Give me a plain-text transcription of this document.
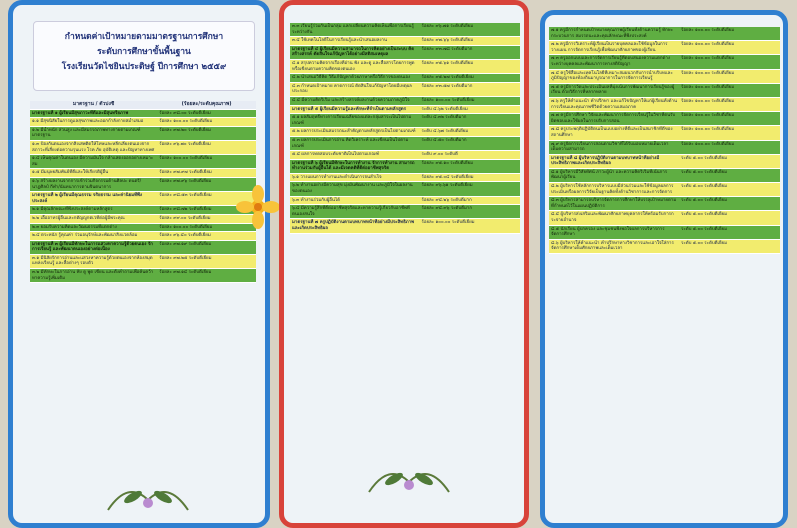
กำหนดค่าเป้าหมายตามมาตรฐานการศึกษา
ระดับการศึกษาขั้นพื้นฐาน
โรงเรียนวัดไชยินประดิษฐ์ ปีการศึกษา ๒๕๕๙
มาตรฐาน / ตัวบ่งชี้	(ร้อยละ/ระดับคุณภาพ)
มาตรฐานที่ ๑ ผู้เรียนมีสุขภาวะที่ดีและมีสุนทรียภาพ	ร้อยละ ๙๘.๐๐ ระดับดีเยี่ยม
๑.๑ มีสุขนิสัยในการดูแลสุขภาพและออกกำลังกายสม่ำเสมอ	ร้อยละ ๑๐๐.๐๐ ระดับดีเยี่ยม
๑.๒ มีน้ำหนัก ส่วนสูง และมีสมรรถภาพทางกายตามเกณฑ์มาตรฐาน
ร้อยละ ๙๗.๒๐ ระดับดีเยี่ยม
๑.๓ ป้องกันตนเองจากสิ่งเสพติดให้โทษและหลีกเลี่ยงตนเองจากสภาวะที่เสี่ยงต่อความรุนแรง โรค ภัย อุบัติเหตุ และปัญหาทางเพศ
ร้อยละ ๙๖.๗๐ ระดับดีเยี่ยม
๑.๔ เห็นคุณค่าในตนเอง มีความมั่นใจ กล้าแสดงออกอย่างเหมาะสม
ร้อยละ ๑๐๐.๐๐ ระดับดีเยี่ยม
๑.๕ มีมนุษยสัมพันธ์ที่ดีและให้เกียรติผู้อื่น	ร้อยละ ๙๗.๙๗ ระดับดีเยี่ยม
๑.๖ สร้างผลงานจากการเข้าร่วมกิจกรรมด้านศิลปะ ดนตรี/นาฏศิลป์ กีฬา/นันทนาการตามจินตนาการ
ร้อยละ ๙๗.๙๖ ระดับดีเยี่ยม
มาตรฐานที่ ๒ ผู้เรียนมีคุณธรรม จริยธรรม และค่านิยมที่พึงประสงค์
ร้อยละ ๙๘.๕๓ ระดับดีเยี่ยม
๒.๑ มีคุณลักษณะที่พึงประสงค์ตามหลักสูตร	ร้อยละ ๙๘.๗๒ ระดับดีเยี่ยม
๒.๒ เอื้ออาทรผู้อื่นและกตัญญูกตเวทีต่อผู้มีพระคุณ	ร้อยละ ๙๙.๐๐ ระดับดีเยี่ยม
๒.๓ ยอมรับความคิดและวัฒนธรรมที่แตกต่าง	ร้อยละ ๑๐๐.๐๐ ระดับดีเยี่ยม
๒.๔ ตระหนัก รู้คุณค่า ร่วมอนุรักษ์และพัฒนาสิ่งแวดล้อม	ร้อยละ ๙๖.๔๐ ระดับดีเยี่ยม
มาตรฐานที่ ๓ ผู้เรียนมีทักษะในการแสวงหาความรู้ด้วยตนเอง รักการเรียนรู้ และพัฒนาตนเองอย่างต่อเนื่อง
ร้อยละ ๙๗.๑๙ ระดับดีเยี่ยม
๓.๑ มีนิสัยรักการอ่านและแสวงหาความรู้ด้วยตนเองจากห้องสมุด แหล่งเรียนรู้ และสื่อต่างๆ รอบตัว
ร้อยละ ๙๗.๒๕ ระดับดีเยี่ยม
๓.๒ มีทักษะในการอ่าน ฟัง ดู พูด เขียน และตั้งคำถามเพื่อค้นคว้าหาความรู้เพิ่มเติม
ร้อยละ ๙๗.๑๔ ระดับดีเยี่ยม
๓.๓ เรียนรู้ร่วมกันเป็นกลุ่ม แลกเปลี่ยนความคิดเห็นเพื่อการเรียนรู้ระหว่างกัน
ร้อยละ ๙๖.๗๑ ระดับดีเยี่ยม
๓.๔ ใช้เทคโนโลยีในการเรียนรู้และนำเสนอผลงาน	ร้อยละ ๙๗.๖๖ ระดับดีเยี่ยม
มาตรฐานที่ ๔ ผู้เรียนมีความสามารถในการคิดอย่างเป็นระบบ คิดสร้างสรรค์ ตัดสินใจแก้ปัญหาได้อย่างมีสติสมเหตุผล
ร้อยละ ๙๓.๗๘ ระดับดีมาก
๔.๑ สรุปความคิดจากเรื่องที่อ่าน ฟัง และดู และสื่อสารโดยการพูดหรือเขียนตามความคิดของตนเอง
ร้อยละ ๙๕.๖๑ ระดับดีเยี่ยม
๔.๒ นำเสนอวิธีคิด วิธีแก้ปัญหาด้วยภาษาหรือวิธีการของตนเอง	ร้อยละ ๙๕.๒๗ ระดับดีเยี่ยม
๔.๓ กำหนดเป้าหมาย คาดการณ์ ตัดสินใจแก้ปัญหาโดยมีเหตุผลประกอบ
ร้อยละ ๙๓.๕๗ ระดับดีมาก
๔.๔ มีความคิดริเริ่ม และสร้างสรรค์ผลงานด้วยความภาคภูมิใจ	ร้อยละ ๑๐๐.๐๐ ระดับดีเยี่ยม
มาตรฐานที่ ๕ ผู้เรียนมีความรู้และทักษะที่จำเป็นตามหลักสูตร	ระดับ ๔.๖๒ ระดับดีเยี่ยม
๕.๑ ผลสัมฤทธิ์ทางการเรียนเฉลี่ยของแต่ละกลุ่มสาระเป็นไปตามเกณฑ์
ระดับ ๔.๓๒ ระดับดีมาก
๕.๒ ผลการประเมินสมรรถนะสำคัญตามหลักสูตรเป็นไปตามเกณฑ์	ระดับ ๔.๖๗ ระดับดีเยี่ยม
๕.๓ ผลการประเมินการอ่าน คิดวิเคราะห์ และเขียนเป็นไปตามเกณฑ์
ระดับ ๔.๕๐ ระดับดีมาก
๕.๔ ผลการทดสอบระดับชาติเป็นไปตามเกณฑ์	ระดับ ๙.๐๐ ระดับดี
มาตรฐานที่ ๖ ผู้เรียนมีทักษะในการทำงาน รักการทำงาน สามารถทำงานร่วมกับผู้อื่นได้ และมีเจตคติที่ดีต่ออาชีพสุจริต
ร้อยละ ๙๕.๑๐ ระดับดีเยี่ยม
๖.๑ วางแผนการทำงานและดำเนินการจนสำเร็จ	ร้อยละ ๙๕.๐๔ ระดับดีเยี่ยม
๖.๒ ทำงานอย่างมีความสุข มุ่งมั่นพัฒนางาน และภูมิใจในผลงานของตนเอง
ร้อยละ ๙๖.๖๑ ระดับดีเยี่ยม
๖.๓ ทำงานร่วมกับผู้อื่นได้	ร้อยละ ๙๔.๒๖ ระดับดีมาก
๖.๔ มีความรู้สึกที่ดีต่ออาชีพสุจริตและหาความรู้เกี่ยวกับอาชีพที่ตนเองสนใจ
ร้อยละ ๙๔.๙๖ ระดับดีมาก
มาตรฐานที่ ๗ ครูปฏิบัติงานตามบทบาทหน้าที่อย่างมีประสิทธิภาพและเกิดประสิทธิผล
ร้อยละ ๑๐๐.๐๐ ระดับดีเยี่ยม
๗.๑ ครูมีการกำหนดเป้าหมายคุณภาพผู้เรียนทั้งด้านความรู้ ทักษะกระบวนการ สมรรถนะและคุณลักษณะที่พึงประสงค์
ร้อยละ ๑๐๐.๐๐ ระดับดีเยี่ยม
๗.๒ ครูมีการวิเคราะห์ผู้เรียนเป็นรายบุคคลและใช้ข้อมูลในการวางแผน การจัดการเรียนรู้เพื่อพัฒนาศักยภาพของผู้เรียน
ร้อยละ ๑๐๐.๐๐ ระดับดีเยี่ยม
๗.๓ ครูออกแบบและการจัดการเรียนรู้ที่ตอบสนองความแตกต่างระหว่างบุคคลและพัฒนาการทางสติปัญญา
ร้อยละ ๑๐๐.๐๐ ระดับดีเยี่ยม
๗.๔ ครูใช้สื่อและเทคโนโลยีที่เหมาะสมผนวกกับการนำบริบทและภูมิปัญญาของท้องถิ่นมาบูรณาการในการจัดการเรียนรู้
ร้อยละ ๑๐๐.๐๐ ระดับดีเยี่ยม
๗.๕ ครูมีการวัดและประเมินผลที่มุ่งเน้นการพัฒนาการเรียนรู้ของผู้เรียน ด้วยวิธีการที่หลากหลาย
ร้อยละ ๑๐๐.๐๐ ระดับดีเยี่ยม
๗.๖ ครูให้คำแนะนำ คำปรึกษา และแก้ไขปัญหาให้แก่ผู้เรียนทั้งด้านการเรียนและคุณภาพชีวิตด้วยความเสมอภาค
ร้อยละ ๑๐๐.๐๐ ระดับดีเยี่ยม
๗.๗ ครูมีการศึกษา วิจัยและพัฒนาการจัดการเรียนรู้ในวิชาที่ตนรับผิดชอบและใช้ผลในการปรับการสอน
ร้อยละ ๑๐๐.๐๐ ระดับดีเยี่ยม
๗.๘ ครูประพฤติปฏิบัติตนเป็นแบบอย่างที่ดีและเป็นสมาชิกที่ดีของสถานศึกษา
ร้อยละ ๑๐๐.๐๐ ระดับดีเยี่ยม
๗.๙ ครูจัดการเรียนการสอนตามวิชาที่ได้รับมอบหมายเต็มเวลา เต็มความสามารถ
ร้อยละ ๑๐๐.๐๐ ระดับดีเยี่ยม
มาตรฐานที่ ๘ ผู้บริหารปฏิบัติงานตามบทบาทหน้าที่อย่างมีประสิทธิภาพและเกิดประสิทธิผล
ระดับ ๕.๐๐ ระดับดีเยี่ยม
๘.๑ ผู้บริหารมีวิสัยทัศน์ ภาวะผู้นำ และความคิดริเริ่มที่เน้นการพัฒนาผู้เรียน
ระดับ ๕.๐๐ ระดับดีเยี่ยม
๘.๒ ผู้บริหารใช้หลักการบริหารแบบมีส่วนร่วมและใช้ข้อมูลผลการประเมินหรือผลการวิจัยเป็นฐานคิดทั้งด้านวิชาการและการจัดการ
ระดับ ๕.๐๐ ระดับดีเยี่ยม
๘.๓ ผู้บริหารสามารถบริหารจัดการการศึกษาให้บรรลุเป้าหมายตามที่กำหนดไว้ในแผนปฏิบัติการ
ระดับ ๕.๐๐ ระดับดีเยี่ยม
๘.๔ ผู้บริหารส่งเสริมและพัฒนาศักยภาพบุคลากรให้พร้อมรับการกระจายอำนาจ
ระดับ ๕.๐๐ ระดับดีเยี่ยม
๘.๕ นักเรียน ผู้ปกครอง และชุมชนพึงพอใจผลการบริหารการจัดการศึกษา
ระดับ ๕.๐๐ ระดับดีเยี่ยม
๘.๖ ผู้บริหารให้คำแนะนำ คำปรึกษาทางวิชาการและเอาใจใส่การจัดการศึกษาเต็มศักยภาพและเต็มเวลา
ระดับ ๕.๐๐ ระดับดีเยี่ยม
